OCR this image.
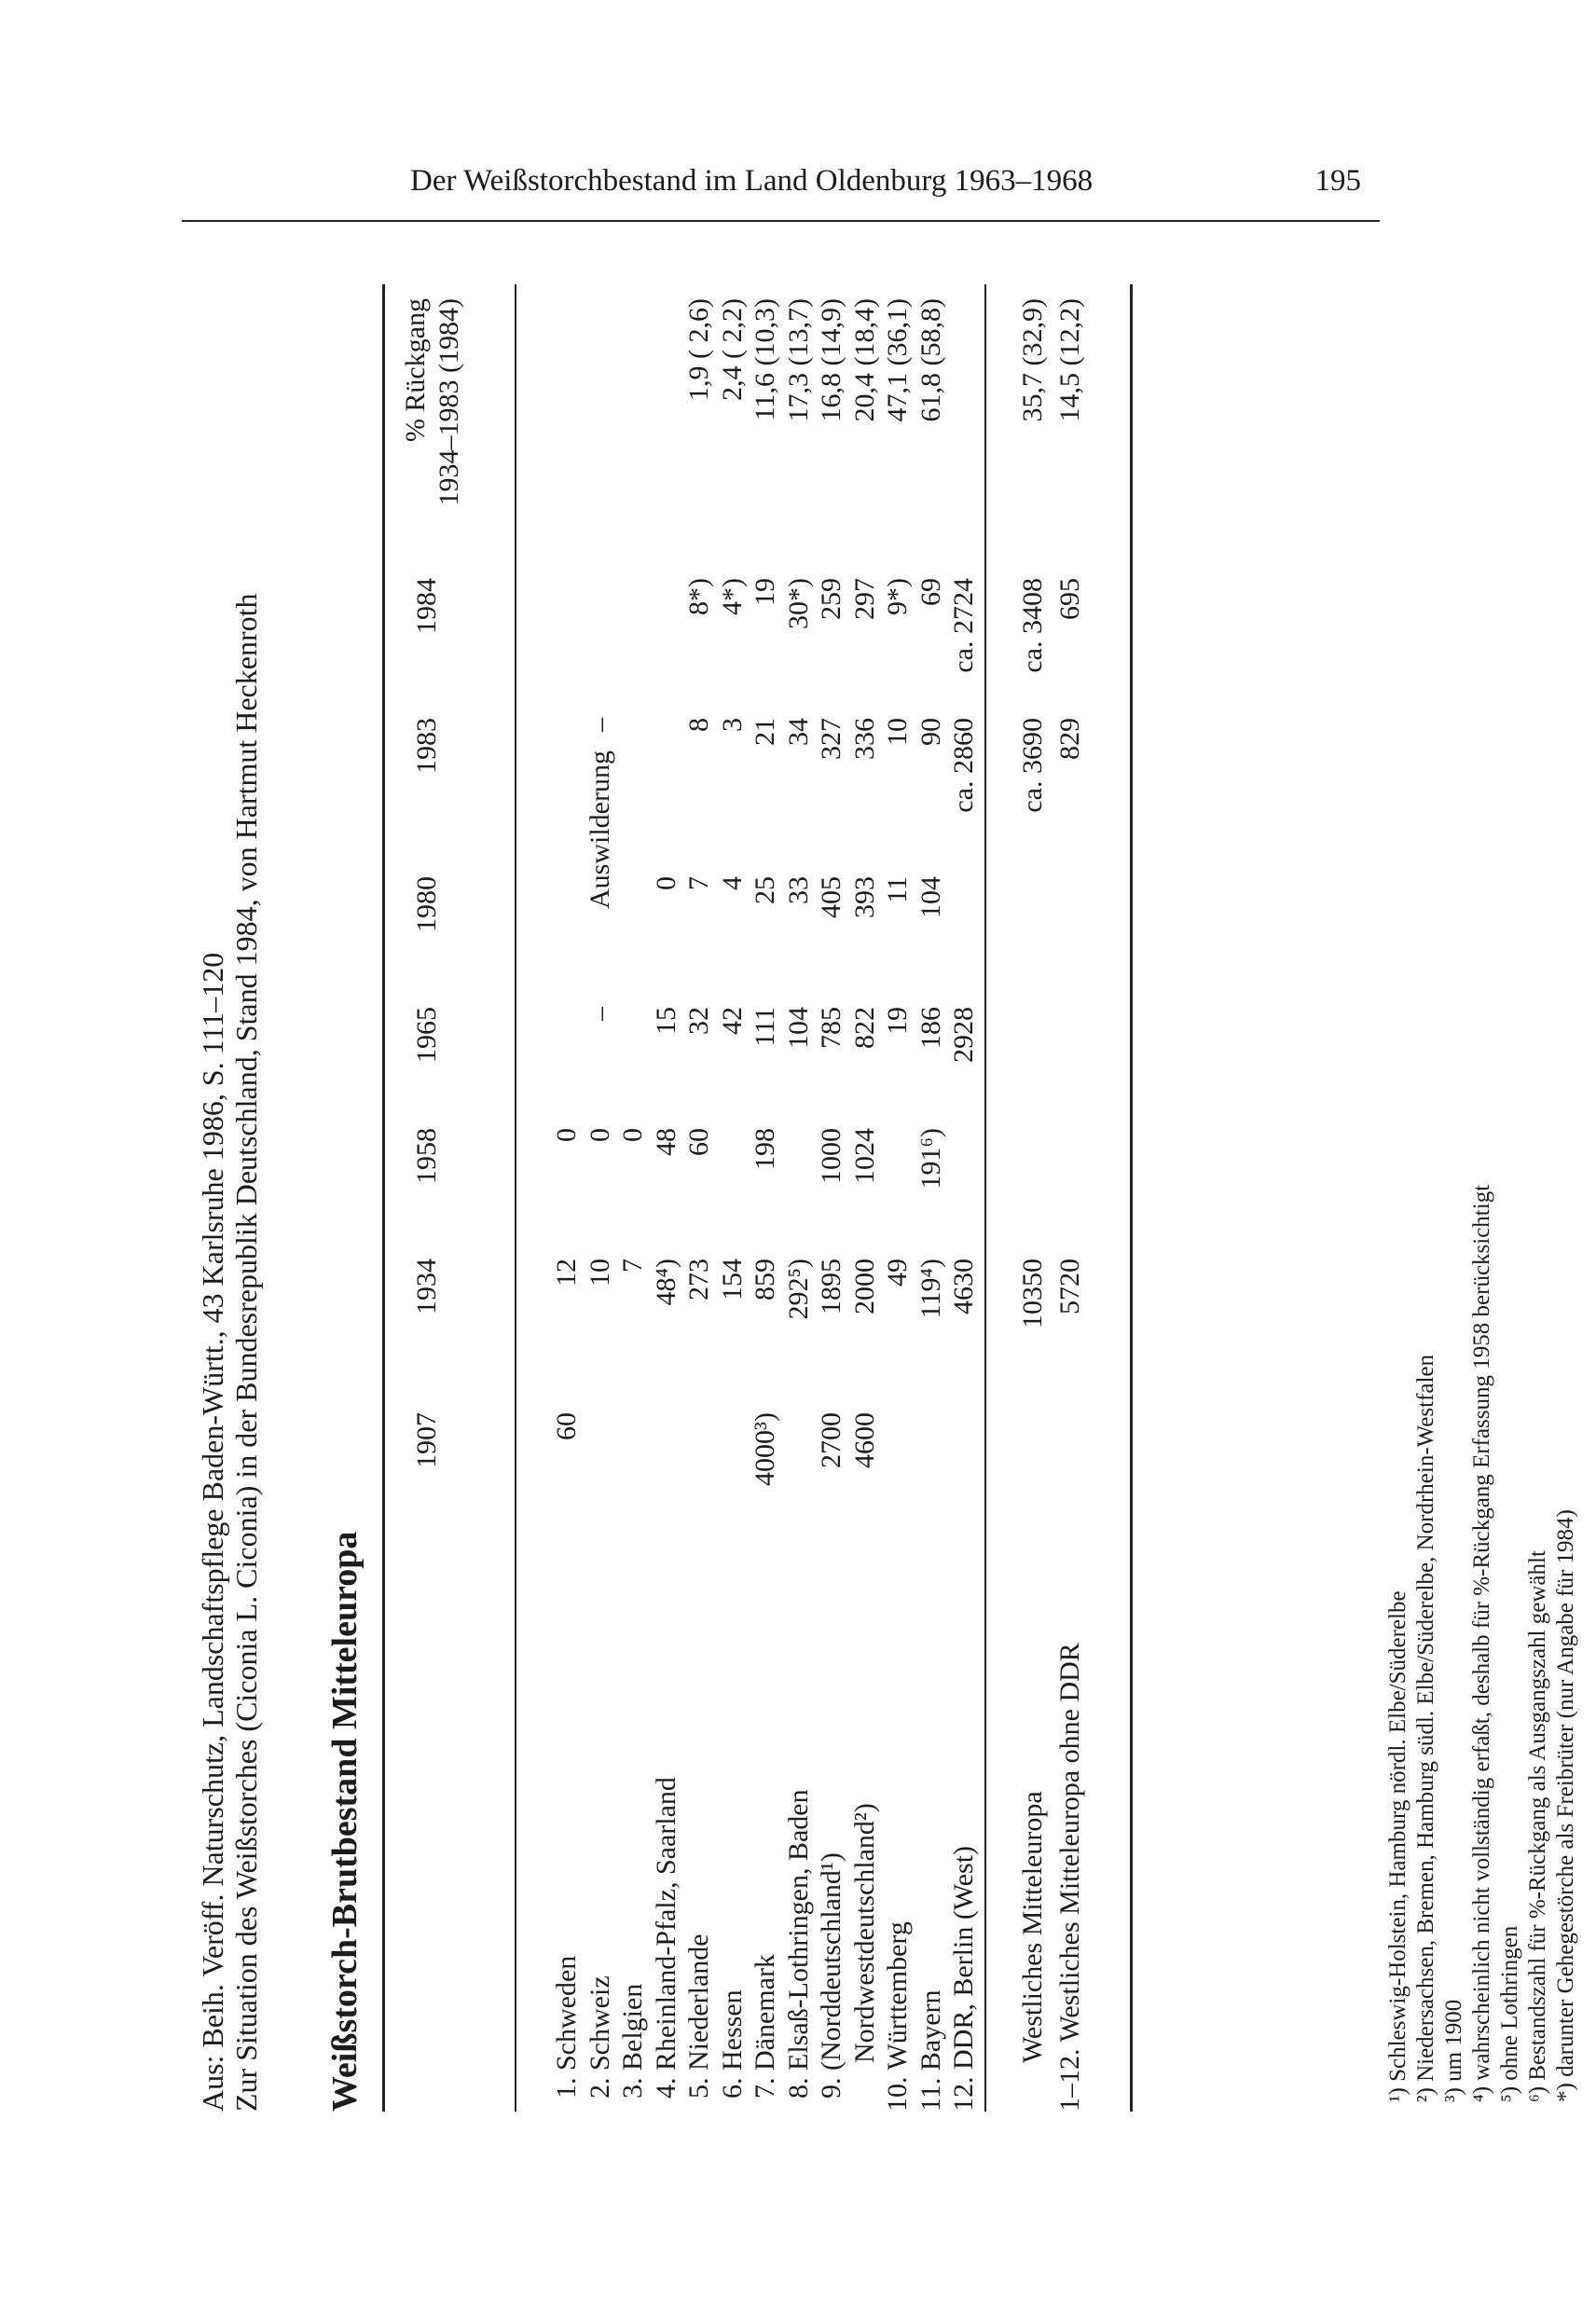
Der Weißstorchbestand im Land Oldenburg 1963–1968	195
Aus: Beih. Veröff. Naturschutz, Landschaftspflege Baden-Württ., 43 Karlsruhe 1986, S. 111–120 Zur Situation des Weißstorches (Ciconia L. Ciconia) in der Bundesrepublik Deutschland, Stand 1984, von Hartmut Heckenroth Weißstorch-Brutbestand Mitteleuropa
1907
1934
1958
1965
1980
1983
1984
% Rückgang 1934–1983 (1984)
1. Schweden
60
12
0
2. Schweiz
10
0
–
Auswilderung
–
3. Belgien
7
0
4. Rheinland-Pfalz, Saarland
48⁴)
48
15
0
5. Niederlande
273
60
32
7
8
8*)
1,9 ( 2,6)
6. Hessen
154
42
4
3
4*)
2,4 ( 2,2)
7. Dänemark
4000³)
859
198
111
25
21
19
11,6 (10,3)
8. Elsaß-Lothringen, Baden
292⁵)
104
33
34
30*)
17,3 (13,7)
9. (Norddeutschland¹)
2700
1895
1000
785
405
327
259
16,8 (14,9)
Nordwestdeutschland²)
4600
2000
1024
822
393
336
297
20,4 (18,4)
10. Württemberg
49
19
11
10
9*)
47,1 (36,1)
11. Bayern
119⁴)
191⁶)
186
104
90
69
61,8 (58,8)
12. DDR, Berlin (West)
4630
2928
ca. 2860
ca. 2724
Westliches Mitteleuropa
10350
ca. 3690
ca. 3408
35,7 (32,9)
1–12. Westliches Mitteleuropa ohne DDR
5720
829
695
14,5 (12,2)
¹) Schleswig-Holstein, Hamburg nördl. Elbe/Süderelbe ²) Niedersachsen, Bremen, Hamburg südl. Elbe/Süderelbe, Nordrhein-Westfalen ³) um 1900 ⁴) wahrscheinlich nicht vollständig erfaßt, deshalb für %-Rückgang Erfassung 1958 berücksichtigt ⁵) ohne Lothringen ⁶) Bestandszahl für %-Rückgang als Ausgangszahl gewählt *) darunter Gehegestörche als Freibrüter (nur Angabe für 1984)
